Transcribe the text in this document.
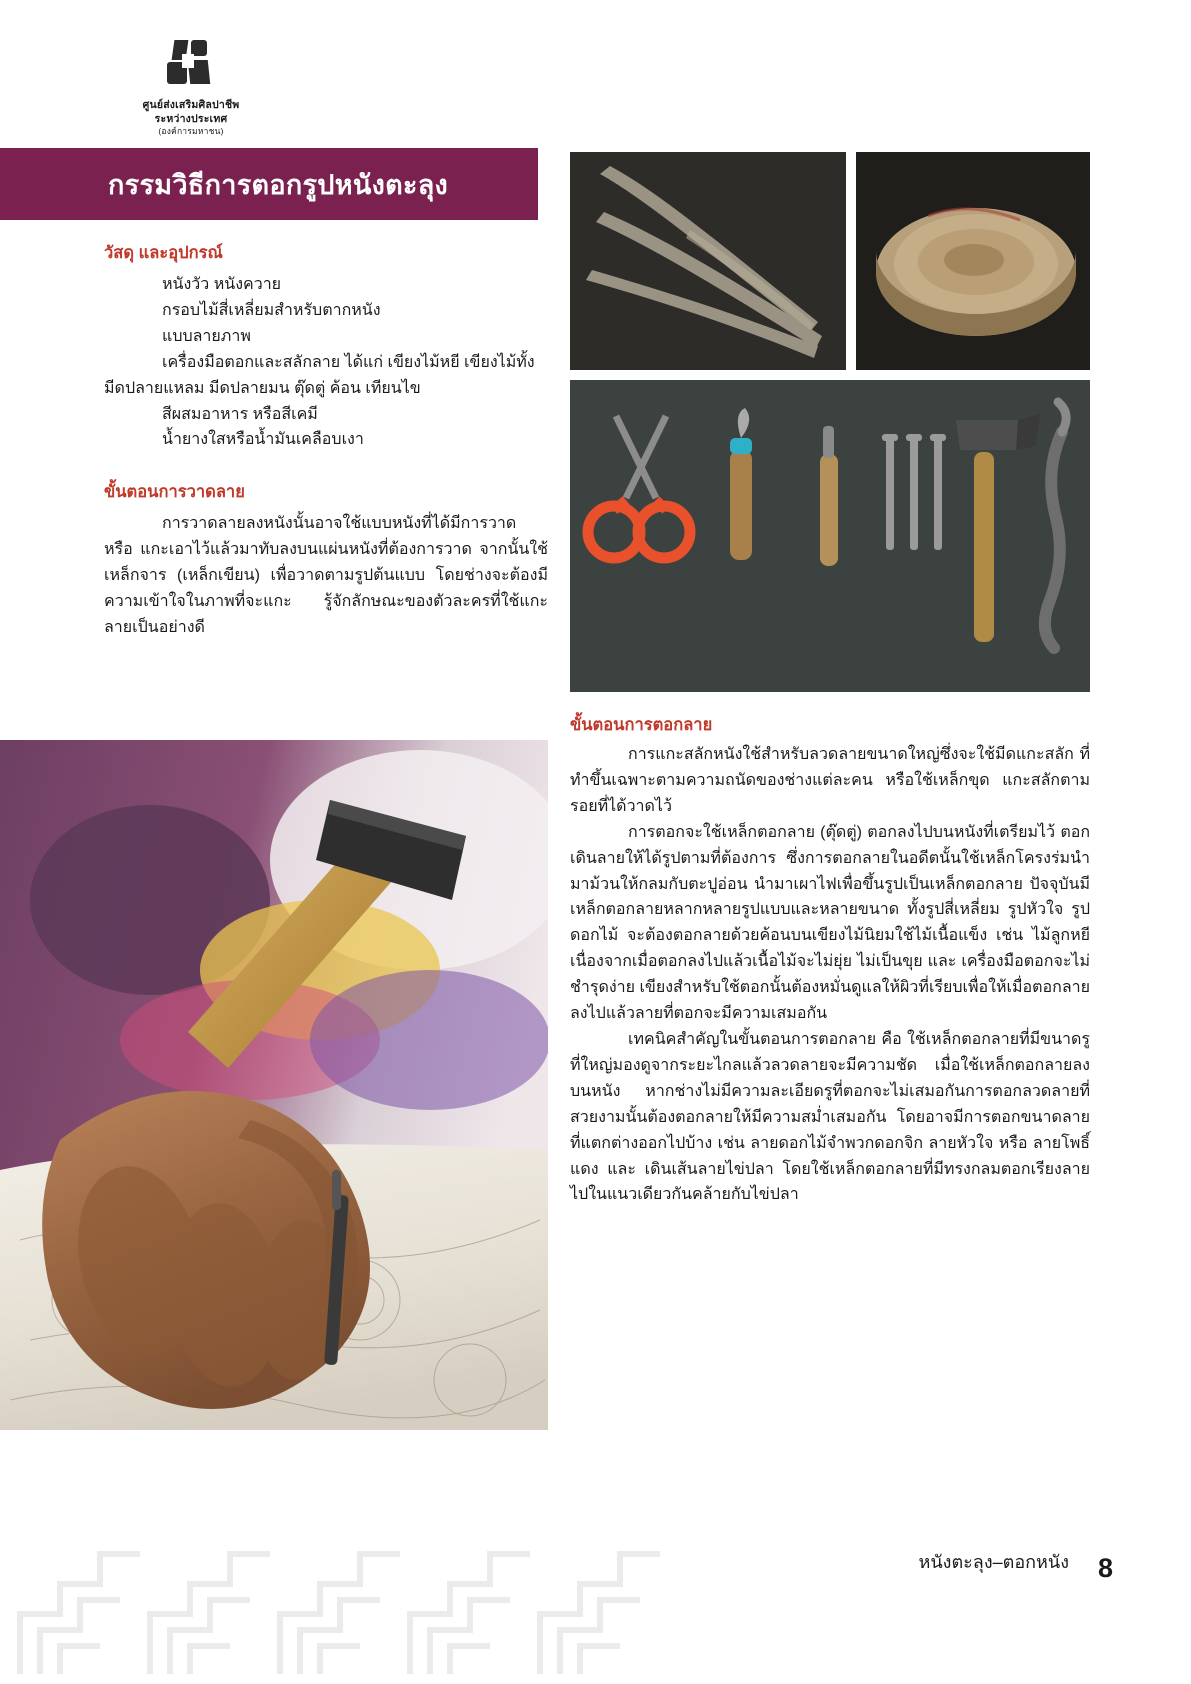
ศูนย์ส่งเสริมศิลปาชีพ
ระหว่างประเทศ
(องค์การมหาชน)
กรรมวิธีการตอกรูปหนังตะลุง
วัสดุ และอุปกรณ์

หนังวัว หนังควาย

กรอบไม้สี่เหลี่ยมสำหรับตากหนัง

แบบลายภาพ

เครื่องมือตอกและสลักลาย ได้แก่ เขียงไม้หยี เขียงไม้ทั้ง มีดปลายแหลม มีดปลายมน ตุ๊ดตู่ ค้อน เทียนไข

สีผสมอาหาร หรือสีเคมี

น้ำยางใสหรือน้ำมันเคลือบเงา

ขั้นตอนการวาดลาย

การวาดลายลงหนังนั้นอาจใช้แบบหนังที่ได้มีการวาด หรือ แกะเอาไว้แล้วมาทับลงบนแผ่นหนังที่ต้องการวาด จากนั้นใช้เหล็กจาร (เหล็กเขียน) เพื่อวาดตามรูปต้นแบบ โดยช่างจะต้องมีความเข้าใจในภาพที่จะแกะ รู้จักลักษณะของตัวละครที่ใช้แกะลายเป็นอย่างดี

ขั้นตอนการตอกลาย

การแกะสลักหนังใช้สำหรับลวดลายขนาดใหญ่ซึ่งจะใช้มีดแกะสลัก ที่ทำขึ้นเฉพาะตามความถนัดของช่างแต่ละคน หรือใช้เหล็กขุด แกะสลักตามรอยที่ได้วาดไว้

การตอกจะใช้เหล็กตอกลาย (ตุ๊ดตู่) ตอกลงไปบนหนังที่เตรียมไว้ ตอกเดินลายให้ได้รูปตามที่ต้องการ ซึ่งการตอกลายในอดีตนั้นใช้เหล็กโครงร่มนำมาม้วนให้กลมกับตะปูอ่อน นำมาเผาไฟเพื่อขึ้นรูปเป็นเหล็กตอกลาย ปัจจุบันมีเหล็กตอกลายหลากหลายรูปแบบและหลายขนาด ทั้งรูปสี่เหลี่ยม รูปหัวใจ รูปดอกไม้ จะต้องตอกลายด้วยค้อนบนเขียงไม้นิยมใช้ไม้เนื้อแข็ง เช่น ไม้ลูกหยี เนื่องจากเมื่อตอกลงไปแล้วเนื้อไม้จะไม่ยุ่ย ไม่เป็นขุย และ เครื่องมือตอกจะไม่ชำรุดง่าย เขียงสำหรับใช้ตอกนั้นต้องหมั่นดูแลให้ผิวที่เรียบเพื่อให้เมื่อตอกลายลงไปแล้วลายที่ตอกจะมีความเสมอกัน

เทคนิคสำคัญในขั้นตอนการตอกลาย คือ ใช้เหล็กตอกลายที่มีขนาดรูที่ใหญ่มองดูจากระยะไกลแล้วลวดลายจะมีความชัด เมื่อใช้เหล็กตอกลายลงบนหนัง หากช่างไม่มีความละเอียดรูที่ตอกจะไม่เสมอกันการตอกลวดลายที่สวยงามนั้นต้องตอกลายให้มีความสม่ำเสมอกัน โดยอาจมีการตอกขนาดลายที่แตกต่างออกไปบ้าง เช่น ลายดอกไม้จำพวกดอกจิก ลายหัวใจ หรือ ลายโพธิ์แดง และ เดินเส้นลายไข่ปลา โดยใช้เหล็กตอกลายที่มีทรงกลมตอกเรียงลายไปในแนวเดียวกันคล้ายกับไข่ปลา

หนังตะลุง–ตอกหนัง 8
